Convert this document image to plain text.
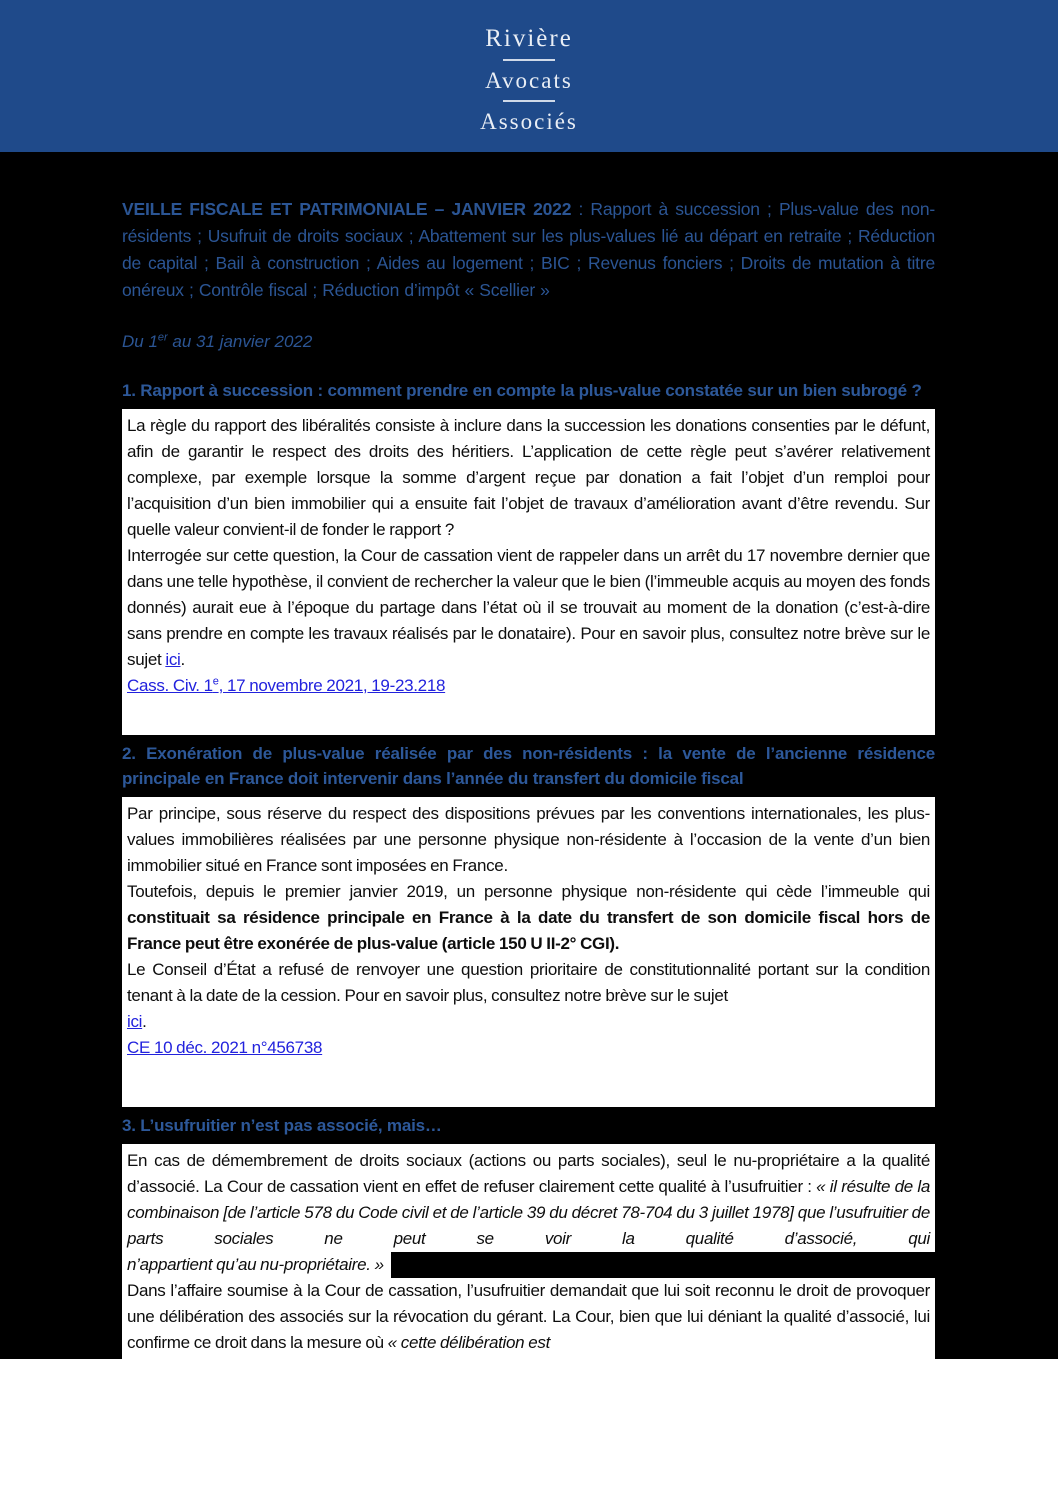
Rivière
Avocats
Associés
VEILLE FISCALE ET PATRIMONIALE – JANVIER 2022 : Rapport à succession ; Plus-value des non-résidents ; Usufruit de droits sociaux ; Abattement sur les plus-values lié au départ en retraite ; Réduction de capital ; Bail à construction ; Aides au logement ; BIC ; Revenus fonciers ; Droits de mutation à titre onéreux ; Contrôle fiscal ; Réduction d’impôt « Scellier »
Du 1er au 31 janvier 2022
1. Rapport à succession : comment prendre en compte la plus-value constatée sur un bien subrogé ?

La règle du rapport des libéralités consiste à inclure dans la succession les donations consenties par le défunt, afin de garantir le respect des droits des héritiers. L’application de cette règle peut s’avérer relativement complexe, par exemple lorsque la somme d’argent reçue par donation a fait l’objet d’un remploi pour l’acquisition d’un bien immobilier qui a ensuite fait l’objet de travaux d’amélioration avant d’être revendu. Sur quelle valeur convient-il de fonder le rapport ?

Interrogée sur cette question, la Cour de cassation vient de rappeler dans un arrêt du 17 novembre dernier que dans une telle hypothèse, il convient de rechercher la valeur que le bien (l’immeuble acquis au moyen des fonds donnés) aurait eue à l’époque du partage dans l’état où il se trouvait au moment de la donation (c’est-à-dire sans prendre en compte les travaux réalisés par le donataire). Pour en savoir plus, consultez notre brève sur le sujet ici.

Cass. Civ. 1e, 17 novembre 2021, 19-23.218

2. Exonération de plus-value réalisée par des non-résidents : la vente de l’ancienne résidence principale en France doit intervenir dans l’année du transfert du domicile fiscal

Par principe, sous réserve du respect des dispositions prévues par les conventions internationales, les plus-values immobilières réalisées par une personne physique non-résidente à l’occasion de la vente d’un bien immobilier situé en France sont imposées en France.

Toutefois, depuis le premier janvier 2019, un personne physique non-résidente qui cède l’immeuble qui constituait sa résidence principale en France à la date du transfert de son domicile fiscal hors de France peut être exonérée de plus-value (article 150 U II-2° CGI).

Le Conseil d’État a refusé de renvoyer une question prioritaire de constitutionnalité portant sur la condition tenant à la date de la cession. Pour en savoir plus, consultez notre brève sur le sujet

ici.

CE 10 déc. 2021 n°456738

3. L’usufruitier n’est pas associé, mais…
En cas de démembrement de droits sociaux (actions ou parts sociales), seul le nu-propriétaire a la qualité d’associé. La Cour de cassation vient en effet de refuser clairement cette qualité à l’usufruitier : « il résulte de la combinaison [de l’article 578 du Code civil et de l’article 39 du décret 78-704 du 3 juillet 1978] que l’usufruitier de parts sociales ne peut se voir la qualité d’associé, qui
n’appartient qu’au nu-propriétaire. »
Dans l’affaire soumise à la Cour de cassation, l’usufruitier demandait que lui soit reconnu le droit de provoquer une délibération des associés sur la révocation du gérant. La Cour, bien que lui déniant la qualité d’associé, lui confirme ce droit dans la mesure où « cette délibération est
